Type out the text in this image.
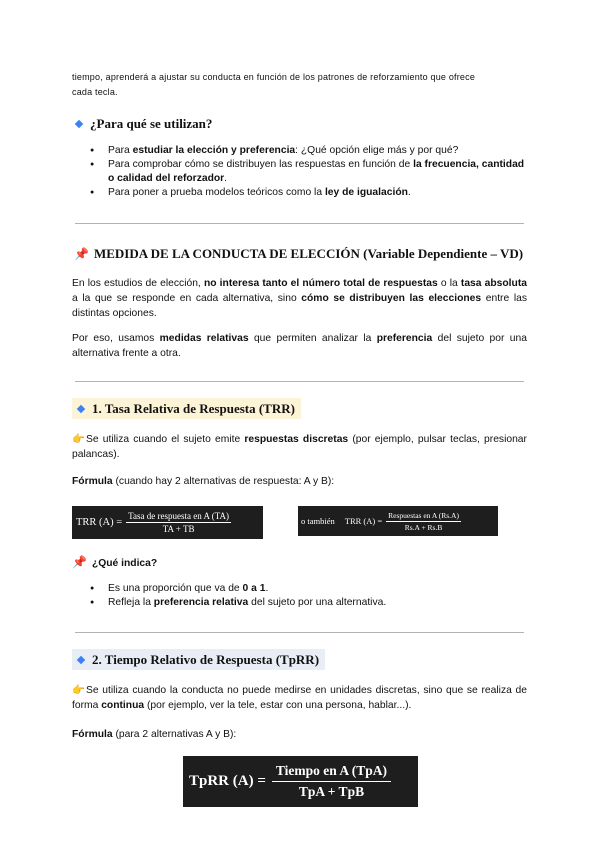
tiempo, aprenderá a ajustar su conducta en función de los patrones de reforzamiento que ofrece
cada tecla.
¿Para qué se utilizan?
● Para estudiar la elección y preferencia: ¿Qué opción elige más y por qué?
● Para comprobar cómo se distribuyen las respuestas en función de la frecuencia, cantidad o calidad del reforzador.
● Para poner a prueba modelos teóricos como la ley de igualación.
📌 MEDIDA DE LA CONDUCTA DE ELECCIÓN (Variable Dependiente – VD)
En los estudios de elección, no interesa tanto el número total de respuestas o la tasa absoluta a la que se responde en cada alternativa, sino cómo se distribuyen las elecciones entre las distintas opciones.
Por eso, usamos medidas relativas que permiten analizar la preferencia del sujeto por una alternativa frente a otra.
1. Tasa Relativa de Respuesta (TRR)
👉Se utiliza cuando el sujeto emite respuestas discretas (por ejemplo, pulsar teclas, presionar palancas).
Fórmula (cuando hay 2 alternativas de respuesta: A y B):
TRR $(A) = \frac{\text{Tasa de respuesta en A (TA)}}{TA + TB}$	o también TRR $(A) = \frac{\text{Respuestas en A (Rs.A)}}{Rs.A + Rs.B}$
📌 ¿Qué indica?
● Es una proporción que va de 0 a 1.
● Refleja la preferencia relativa del sujeto por una alternativa.
2. Tiempo Relativo de Respuesta (TpRR)
👉Se utiliza cuando la conducta no puede medirse en unidades discretas, sino que se realiza de forma continua (por ejemplo, ver la tele, estar con una persona, hablar...).
Fórmula (para 2 alternativas A y B):
TpRR $(A) = \frac{\text{Tiempo en A (TpA)}}{\text{TpA + TpB}}$
